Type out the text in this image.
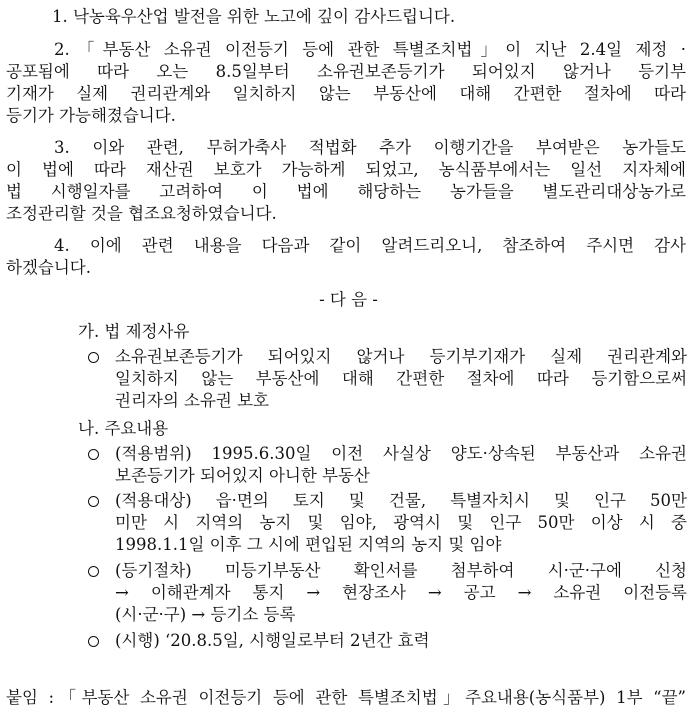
1. 낙농육우산업 발전을 위한 노고에 깊이 감사드립니다.
2.「부동산 소유권 이전등기 등에 관한 특별조치법」이 지난 2.4일 제정 ·
공포됨에 따라 오는 8.5일부터 소유권보존등기가 되어있지 않거나 등기부
기재가 실제 권리관계와 일치하지 않는 부동산에 대해 간편한 절차에 따라
등기가 가능해졌습니다.
3. 이와 관련, 무허가축사 적법화 추가 이행기간을 부여받은 농가들도
이 법에 따라 재산권 보호가 가능하게 되었고, 농식품부에서는 일선 지자체에
법 시행일자를 고려하여 이 법에 해당하는 농가들을 별도관리대상농가로
조정관리할 것을 협조요청하였습니다.
4. 이에 관련 내용을 다음과 같이 알려드리오니, 참조하여 주시면 감사
하겠습니다.
- 다 음 -
가. 법 제정사유
소유권보존등기가 되어있지 않거나 등기부기재가 실제 권리관계와
일치하지 않는 부동산에 대해 간편한 절차에 따라 등기함으로써
권리자의 소유권 보호
나. 주요내용
(적용범위) 1995.6.30일 이전 사실상 양도·상속된 부동산과 소유권
보존등기가 되어있지 아니한 부동산
(적용대상) 읍·면의 토지 및 건물, 특별자치시 및 인구 50만
미만 시 지역의 농지 및 임야, 광역시 및 인구 50만 이상 시 중
1998.1.1일 이후 그 시에 편입된 지역의 농지 및 임야
(등기절차) 미등기부동산 확인서를 첨부하여 시·군·구에 신청
→ 이해관계자 통지 → 현장조사 → 공고 → 소유권 이전등록
(시·군·구) → 등기소 등록
(시행) ‘20.8.5일, 시행일로부터 2년간 효력
붙임 :「부동산 소유권 이전등기 등에 관한 특별조치법」주요내용(농식품부) 1부 “끝”
